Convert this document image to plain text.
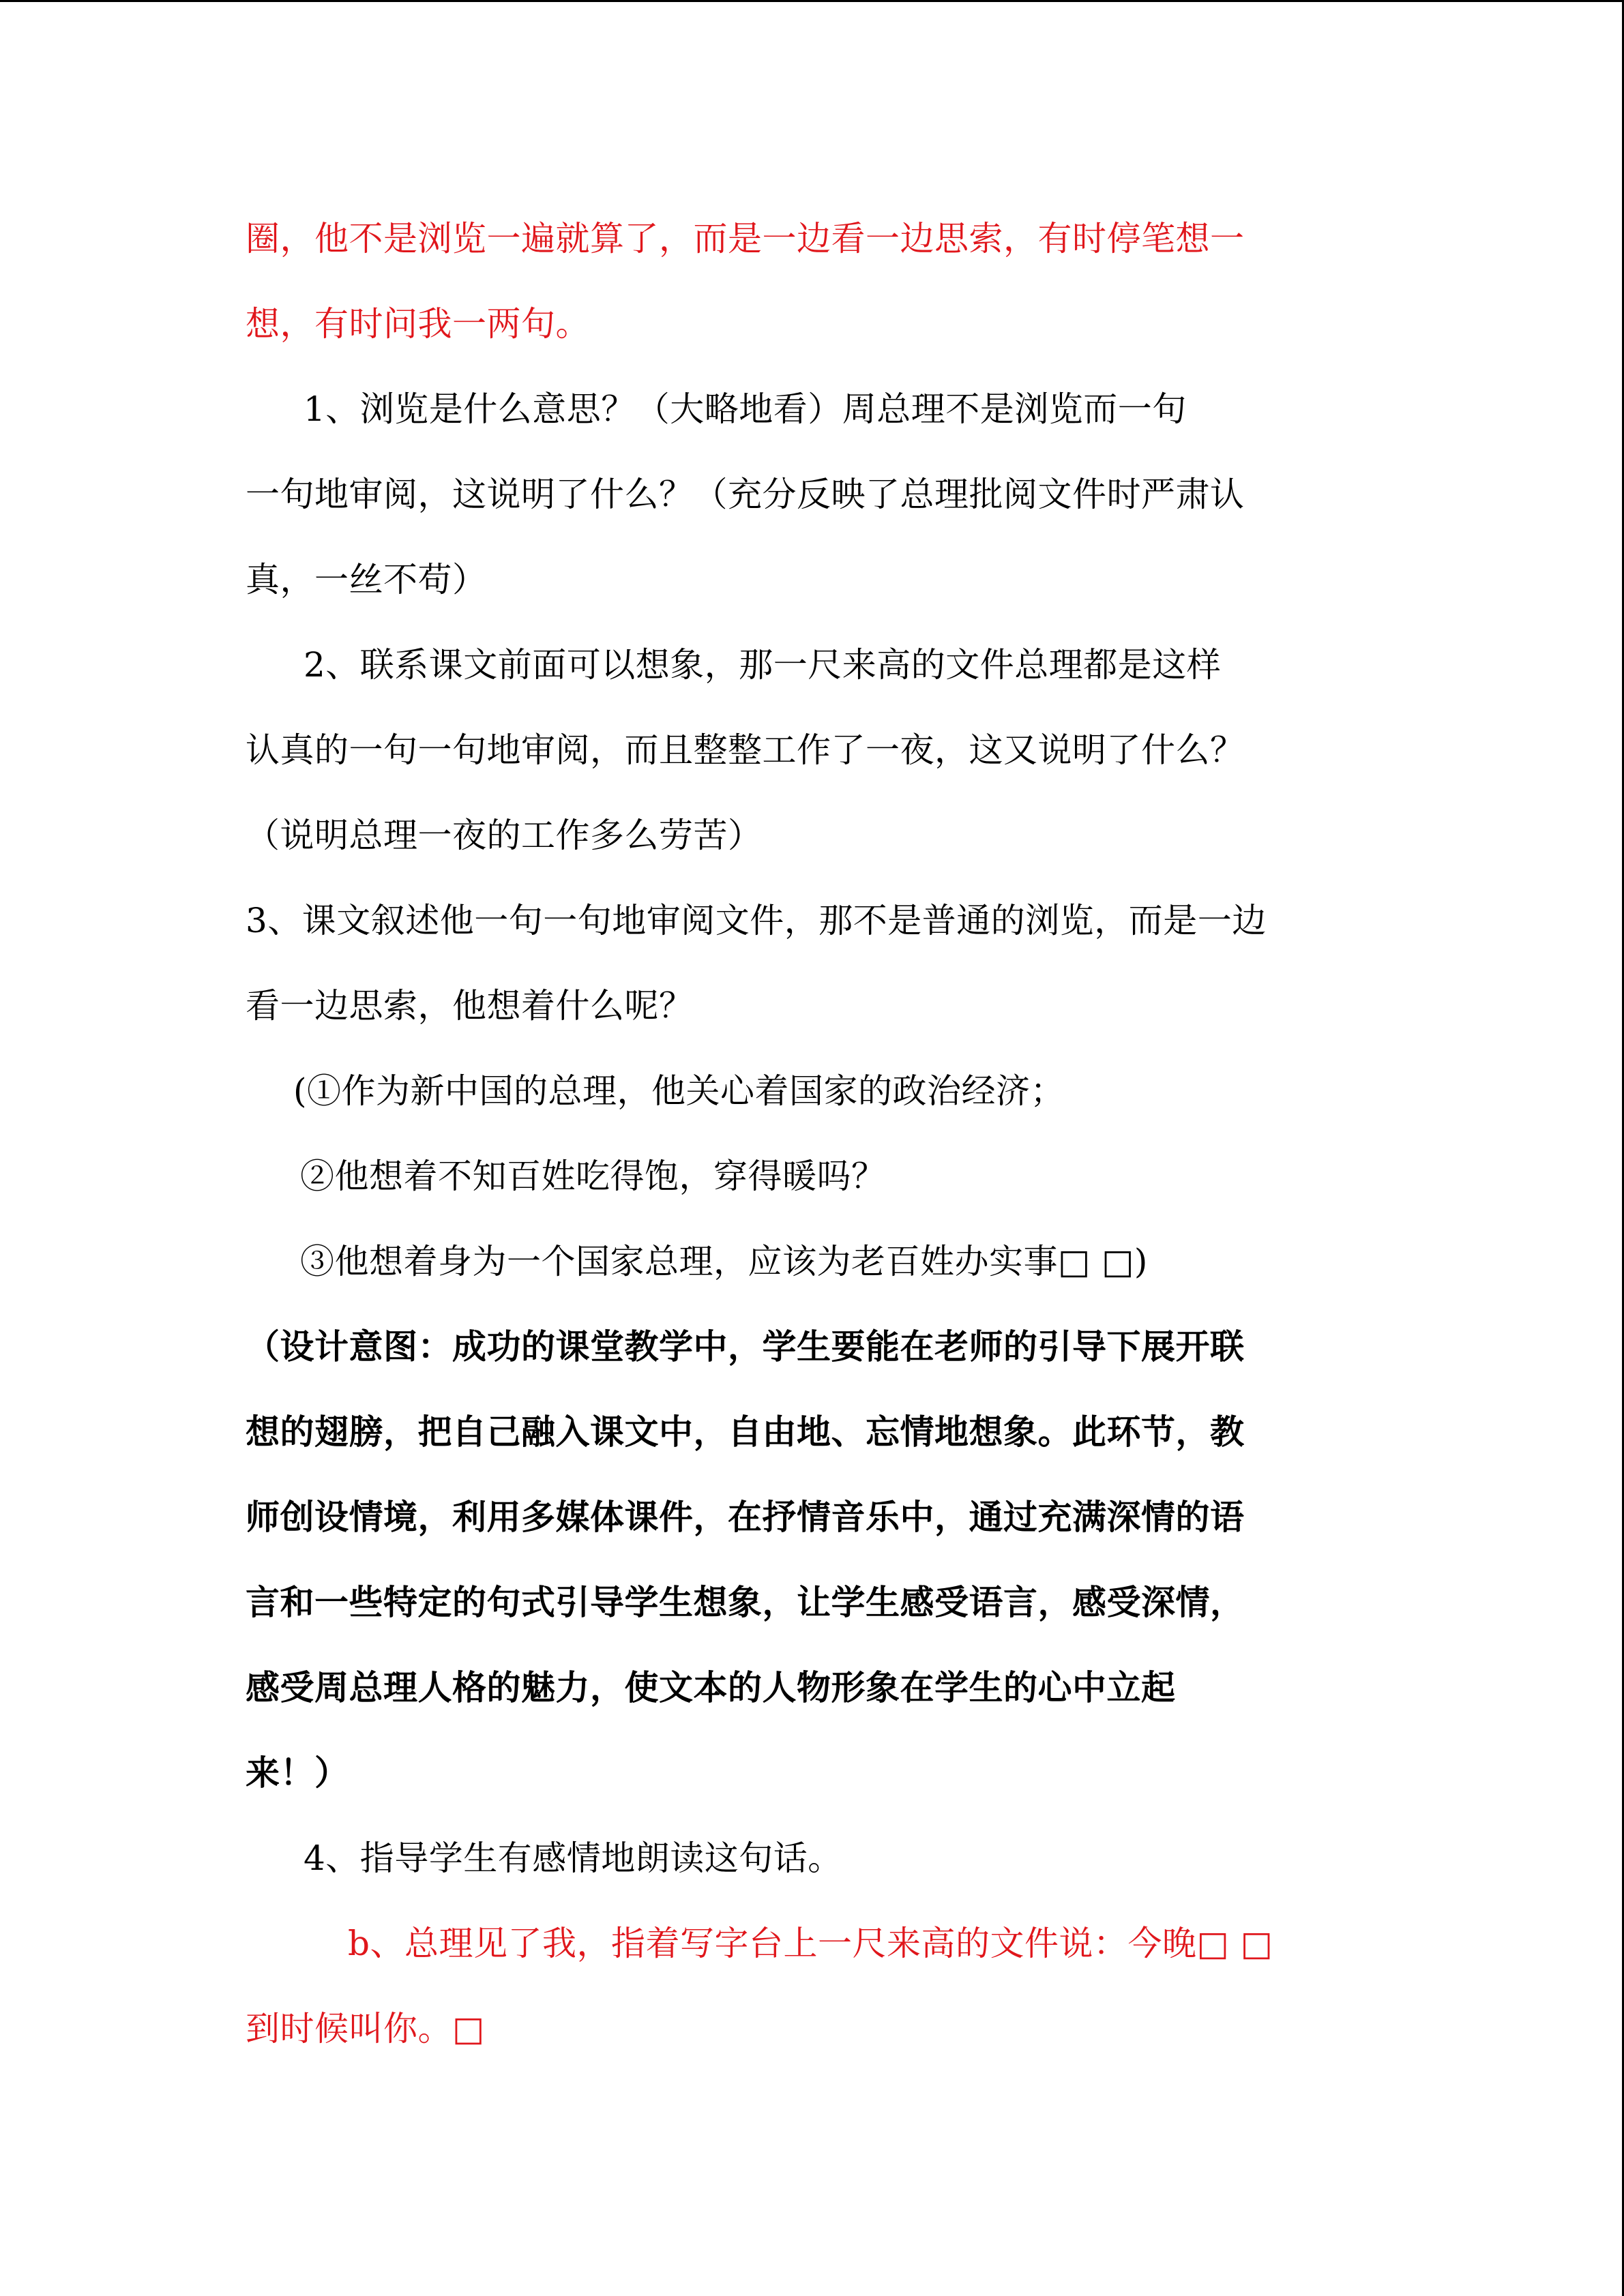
圈，他不是浏览一遍就算了，而是一边看一边思索，有时停笔想一
想，有时问我一两句。
1、浏览是什么意思？（大略地看）周总理不是浏览而一句
一句地审阅，这说明了什么？（充分反映了总理批阅文件时严肃认
真，一丝不苟）
2、联系课文前面可以想象，那一尺来高的文件总理都是这样
认真的一句一句地审阅，而且整整工作了一夜，这又说明了什么？
（说明总理一夜的工作多么劳苦）
3、课文叙述他一句一句地审阅文件，那不是普通的浏览，而是一边
看一边思索，他想着什么呢？
(①作为新中国的总理，他关心着国家的政治经济；
②他想着不知百姓吃得饱，穿得暖吗？
③他想着身为一个国家总理，应该为老百姓办实事□ □)
（设计意图：成功的课堂教学中，学生要能在老师的引导下展开联
想的翅膀，把自己融入课文中，自由地、忘情地想象。此环节，教
师创设情境，利用多媒体课件，在抒情音乐中，通过充满深情的语
言和一些特定的句式引导学生想象，让学生感受语言，感受深情，
感受周总理人格的魅力，使文本的人物形象在学生的心中立起
来！）
4、指导学生有感情地朗读这句话。
b、总理见了我，指着写字台上一尺来高的文件说：今晚□ □
到时候叫你。□
